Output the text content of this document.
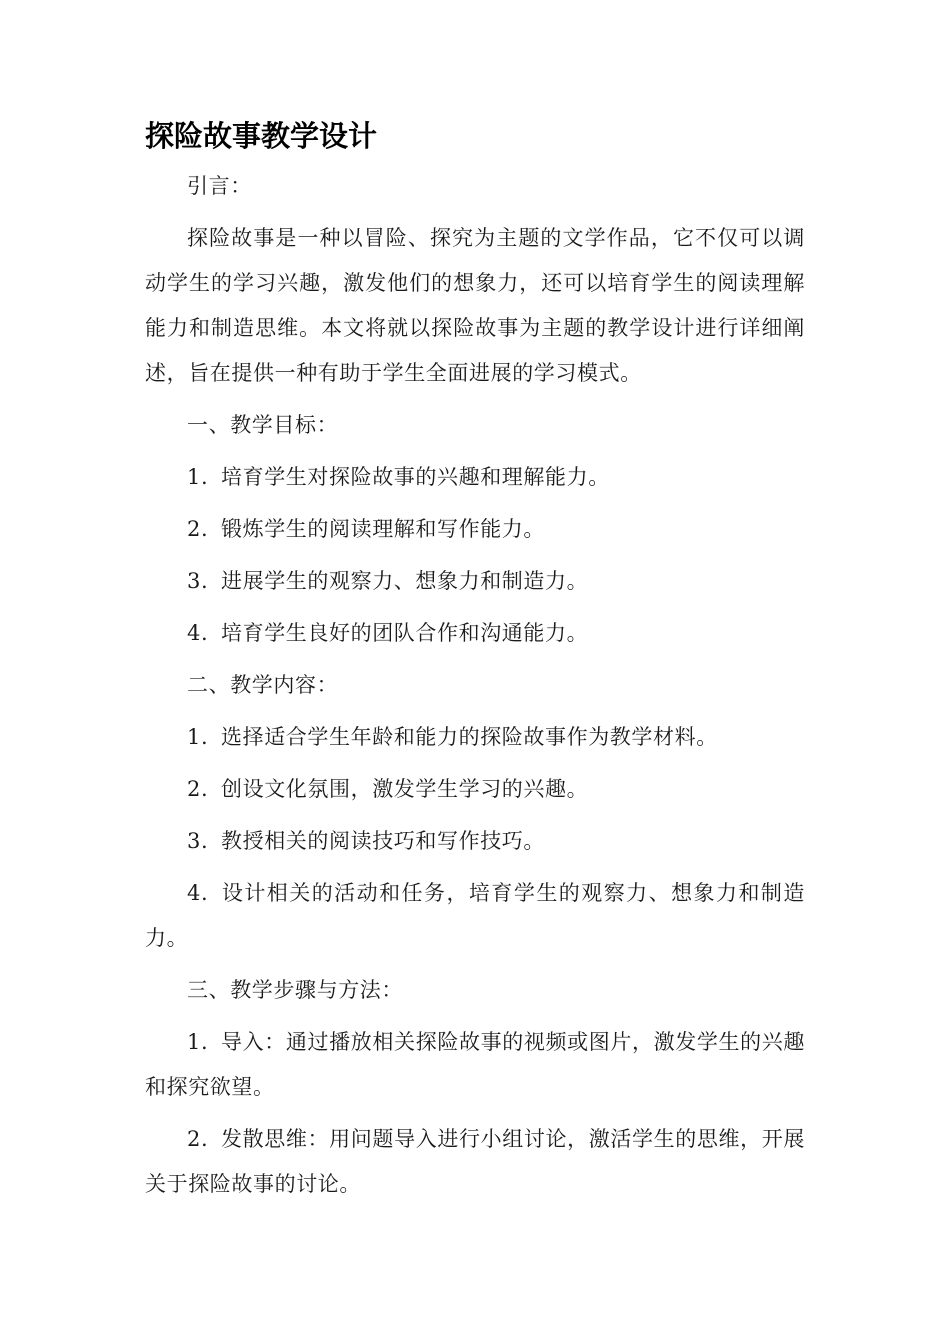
探险故事教学设计

引言：

探险故事是一种以冒险、探究为主题的文学作品，它不仅可以调动学生的学习兴趣，激发他们的想象力，还可以培育学生的阅读理解能力和制造思维。本文将就以探险故事为主题的教学设计进行详细阐述，旨在提供一种有助于学生全面进展的学习模式。

一、教学目标：

1. 培育学生对探险故事的兴趣和理解能力。

2. 锻炼学生的阅读理解和写作能力。

3. 进展学生的观察力、想象力和制造力。

4. 培育学生良好的团队合作和沟通能力。

二、教学内容：

1. 选择适合学生年龄和能力的探险故事作为教学材料。

2. 创设文化氛围，激发学生学习的兴趣。

3. 教授相关的阅读技巧和写作技巧。

4. 设计相关的活动和任务，培育学生的观察力、想象力和制造力。

三、教学步骤与方法：

1. 导入：通过播放相关探险故事的视频或图片，激发学生的兴趣和探究欲望。

2. 发散思维：用问题导入进行小组讨论，激活学生的思维，开展关于探险故事的讨论。
